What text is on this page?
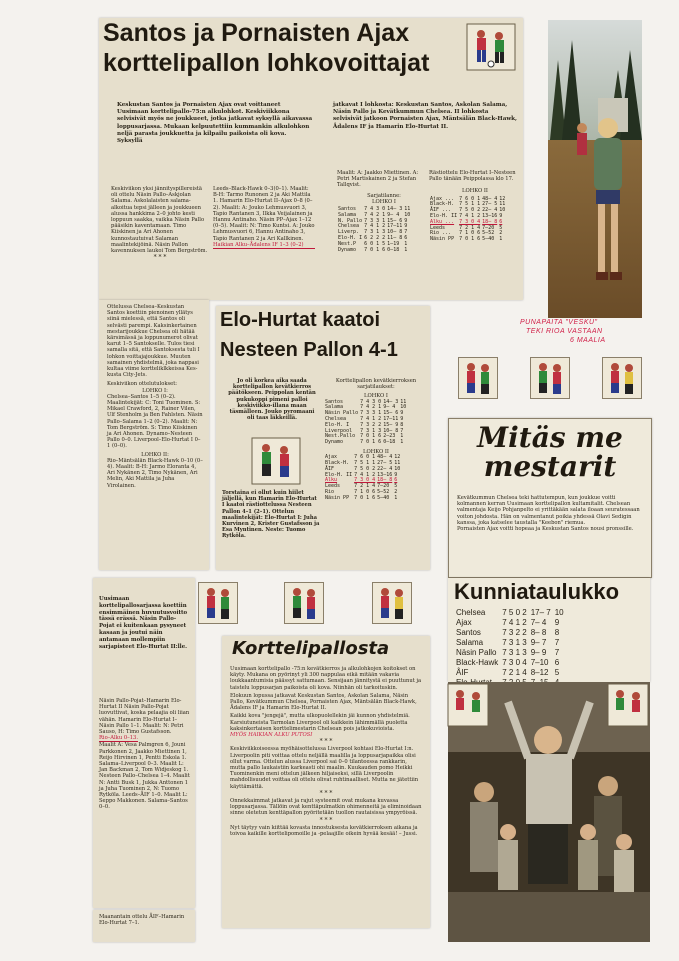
Santos ja Pornaisten Ajax
korttelipallon lohkovoittajat
Keskustan Santos ja Pornaisten Ajax ovat voittaneet Uusimaan korttelipallo-75:n alkulohkot. Keskiviikkona selvisivät myös ne joukkueet, jotka jatkavat syksyllä aikavassa loppusarjassa. Mukaan kelpuutettiin kummankin alkulohkon neljä parasta joukkuetta ja kilpailu paikoista oli kova. Syksyllä
jatkavat I lohkosta: Keskustan Santos, Askolan Salama, Näsin Pallo ja Kevätkummun Chelsea. II lohkosta selvisivät jatkoon Pornaisten Ajax, Mäntsälän Black-Hawk, Ådalens IF ja Hamarin Elo-Hurtat II.

Keskiviikon yksi jännityspillereistä oli ottelu Näsin Pallo–Askjolan Salama. Askolalaisten salama-alkoitua tepsi jälleen ja joukkueen alussa hankkima 2–0 johto kesti loppuun saakka, vaikka Näsin Pallo pääsikin kaventamaan. Timo Kiiskinen ja Ari Ahonen kunnostautuivat Salaman maalintekijöinä. Näsin Pallon kavennuksen laukoi Tom Bergström.

* * *

Leeds–Black-Hawk 0–3(0–1). Maalit: B-H: Tarmo Runonen 2 ja Aki Mattila 1. Hamarin Elo-Hurtat II–Ajax 0–8 (0–2). Maalit: A: Jouko Lehmusvuori 3, Tapio Rantanen 3, Ilkka Veijalainen ja Hannu Antinaho. Näsin PP–Ajax 1–12 (0–5). Maalit: N: Timo Kuntsi. A: Jouko Lehmusvuori 6, Hannu Antinaho 3, Tapio Rantanen 2 ja Ari Kallkinen.

Haikian Alku–Ådalens IF 1–3 (0–2)

Maalit: A: Jaakko Miettinen. A: Petri Martiskainen 2 ja Stefan Tallqvist.

Sarjatilanne:

LOHKO I

Santos	7 4 3 0	14– 3	11
Salama	7 4 2 1	9– 4	10
N. Pallo	7 3 3 1	15– 6	9
Chelsea	7 4 1 2	17–11	9
Liverp.	7 3 1 3	10– 8	7
Elo-H. I	6 2 2 2	11– 8	6
Nest.P	6 0 1 5	1–19	1
Dynamo	7 0 1 6	0–18	1

Rästiottelu Elo-Hurtat I–Nesteen Pallo tänään Peippolassa klo 17.

LOHKO II

Ajax ...	7 6 0 1	48– 4	12
Black-H.	7 5 1 1	27– 5	11
ÅIF ...	7 5 0 2	22– 4	10
Elo-H. II	7 4 1 2	13–16	9
Alku ...	7 3 0 4	18– 8	6
Leeds	7 2 1 4	7–20	5
Rio ...	7 1 0 6	5–52	2
Näsin PP	7 0 1 6	5–40	1

Ottelussa Chelsea–Keskustan Santos koettiin pienoinen yllätys siinä mielessä, että Santos oli selvästi parempi. Kaksinkertainen mestarijoukkue Chelsea oli hätää kärsimässä ja loppunumerot olivat karut 1–5 Santokselle. Tulos tiesi samalla sitä, että Santoksesta tuli I lohkon voittajajoukkue. Muuten samainen yhdistelmä, joka nappasi kultaa viime kortteliklkkeissa Kes-kusta City-Jets.

Keskiviikon ottelutulokset:

LOHKO I:

Chelsea–Santos 1–5 (0–2). Maalintekijät: C: Toni Tuominen. S: Mikael Crawford, 2, Rainer Vilen, Ulf Stenholm ja Ben Fahlsten. Näsin Pallo–Salama 1–2 (0–2). Maalit: N: Tom Bergström. S: Timo Kiiskinen ja Ari Ahonen. Dynamo–Nesteen Pallo 0–0. Liverpool–Elo-Hurtat I 0–1 (0–0).

LOHKO II:

Rio–Mäntsälän Black-Hawk 0–10 (0–4). Maalit: B-H: Jarmo Eloranta 4, Ari Nykänen 2, Timo Nykänen, Ari Melin, Aki Mattila ja Juha Virolainen.

PUNAPAITA "VESKU"
TEKI RIOA VASTAAN
6 MAALIA
Elo-Hurtat kaatoi
Nesteen Pallon 4-1
Jo oli korkea aika saada korttelipallon kevätkierros päätökseen. Peippolan kentän pukukoppi pimeni palloi keskiviikko-illana maan täsmälleen. Jouko pyromaani oli taas läkkeillä.
Torstaina ei ollut kuin hiilet jäljellä, kun Hamarin Elo-Hurtat I kaatoi rästiottelussa Nesteen Pallon 4–1 (2–1). Ottelun maalintekijät: Elo-Hurtat I: Juha Kurvinen 2, Krister Gustafsson ja Esa Myntinen. Neste: Tuomo Rytköla.

Korttelipallon kevätkierroksen sarjatilaukset:

LOHKO I

Santos	7 4 3 0	14– 3	11
Salama	7 4 2 1	9– 4	10
Näsin Pallo	7 3 3 1	15– 6	9
Chelsea	7 4 1 2	17–11	9
Elo-H. I	7 3 2 2	15– 9	8
Liverpool	7 3 1 3	10– 8	7
Nest.Pallo	7 0 1 6	2–23	1
Dynamo	7 0 1 6	0–18	1

LOHKO II

Ajax	7 6 0 1	48– 4	12
Black-H.	7 5 1 1	27– 5	11
ÅIF	7 5 0 2	22– 4	10
Elo-H. II	7 4 1 2	13–16	9
Alku	7 3 0 4	18– 8	6
Leeds	7 2 1 4	7–20	5
Rio	7 1 0 6	5–52	2
Näsin PP	7 0 1 6	5–40	1
Mitäs me
mestarit

Kevätkummun Chelsea teki hattutempun, kun joukkue voitti kolmannen kerran Uusimaan korttelipallon kultamitalit. Chelsean valmentaja Keijo Pohjanpelto ei yrittäkään salata iloaan seuratessaan voiton johdosta. Hän on valmentanut poikia yhdessä Olavi Sedigin kanssa, joka katselee taustalla "Keebon" riemua.

Pornaisten Ajax voitti hopeaa ja Keskustan Santos nousi pronssille.

Kunniataulukko
Chelsea	7 5 0 2	17– 7	10
Ajax	7 4 1 2	7– 4	9
Santos	7 3 2 2	8– 8	8
Salama	7 3 1 3	9– 7	7
Näsin Pallo	7 3 1 3	9– 9	7
Black-Hawk	7 3 0 4	7–10	6
ÅIF	7 2 1 4	8–12	5

Uusimaan korttelipallosarjassa koettiin ensimmäinen huvuutusvoitto tässä erässä. Näsin Pallo-Pojat ei kuitenkaan pysyneet kasaan ja joutui näin antamaan mollempiin sarjapisteet Elo-Hurtat II:lle.

Näsin Pallo-Pojat–Hamarin Elo-Hurtat II Näsin Pallo-Pojat luovuttivat, koska pelaajia oli liian vähän. Hamarin Elo-Hurtat I–Näsin Pallo 1–1. Maalit: N: Petri Sauso, H: Timo Gustafsson.

Rio–Alku 0–13.

Maalit A: Vesa Palmgren 6, Jouni Parkkonen 2, Jaakko Miettinen 1, Reijo Hirvinen 1, Pentti Eskola 1. Salama–Liverpool 0–3. Maalit L: Jan Backman 2, Tom Widjeskog 1. Nesteen Pallo–Chelsea 1–4. Maalit N: Antti Busk 1, Jukka Anttonen 1 ja Juha Tuominen 2, N: Tuomo Rytköla. Leeds–ÅIF 1–0. Maalit L: Seppo Makkonen. Salama–Santos 0–0.

Maanantain ottelu ÅIF–Hamarin Elo-Hurtat 7–1.
Korttelipallosta

Uusimaan korttelipallo -75:n kevätkierros ja alkulohkojen koitokset on käyty. Mukana on pyörinyt yli 300 nappulaa eikä mitään vakavia loukkaantumisia päässyt sattumaan. Sensijaan jännitystä ei puuttunut ja taistelu loppusarjan paikoista oli kova. Niinhän oli tarkoituskin.

Elokuun lopussa jatkavat Keskustan Santos, Askolan Salama, Näsin Pallo, Kevätkummun Chelsea, Pornaisten Ajax, Mäntsälän Black-Hawk, Ådalens IF ja Hamarin Elo-Hurtat II.

Kaikki kova "jengejä", mutta ulkopuolellekin jäi kunnon yhdistelmiä. Karsiutuneista Tarmolan Liverpool oli kaikkein lähimmällä puoletta kaksinkertaisen korttelimestarin Chelsean pois jatkokuvioista.

MYÖS HAIKIAN ALKU PUTOSI

* * *

Keskiviikkoiseessa myöhäisottelussa Liverpool kohtasi Elo-Hurtat I:n. Liverpoolin piti voittaa ottelu neljällä maalilla ja loppusarjapaikka olisi ollut varma. Ottelun alussa Liverpool sai 0–0 tilanteessa rankkarin, mutta pallo laukaistiin karkeasti ohi maalin. Kuukauden pomo Heikki Tuominenkin meni ottelun jälkeen hiljaiseksi, sillä Liverpoolin mahdollisuudet voittaa oli ottelu olivat ruhtinaalliset. Mutta ne jätettiin käyttämättä.

* * *

Onnekkaimmat jatkavat ja rajut systeemit ovat mukana kuvassa loppusarjassa. Tällöin ovat kenttäpulmatkin ohimenneitä ja eliminoidaan sinne oletetun kenttäpallon pyöritetään tuollon rautaisissa ympyröissä.

* * *

Nyt täytyy vain kiittää kovasta innostuksesta kevätkierroksen aikana ja toivoa kaikille korttelipomoille ja -pelaajille oikein hyvää kesää! – Jussi.
